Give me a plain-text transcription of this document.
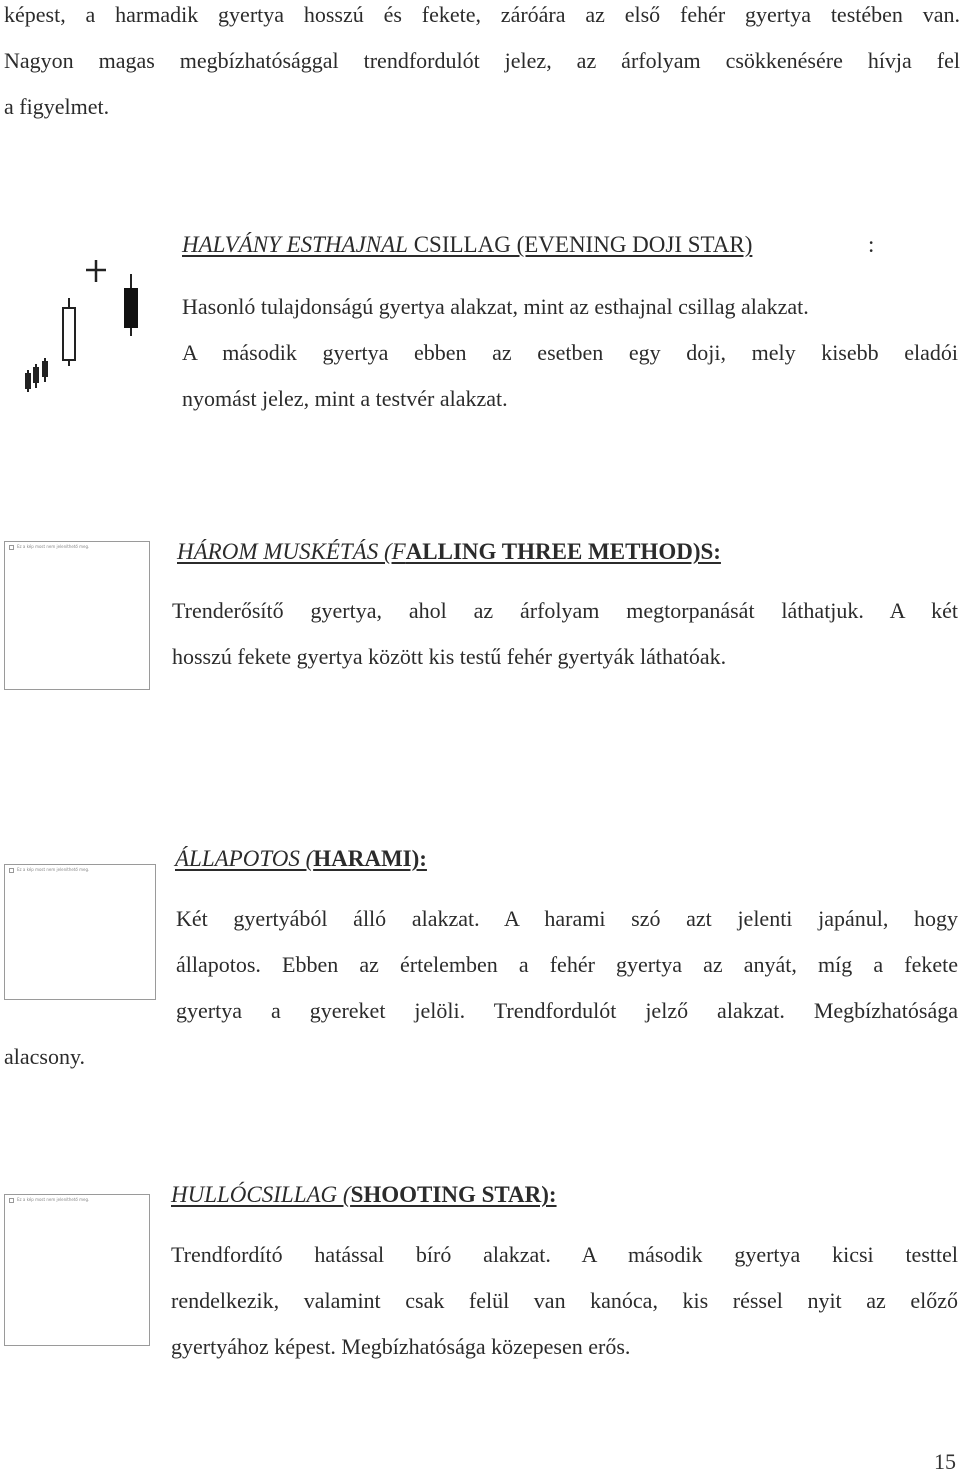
képest, a harmadik gyertya hosszú és fekete, záróára az első fehér gyertya testében van.
Nagyon magas megbízhatósággal trendfordulót jelez, az árfolyam csökkenésére hívja fel
a figyelmet.
HALVÁNY ESTHAJNAL CSILLAG (EVENING DOJI STAR)	:
Hasonló tulajdonságú gyertya alakzat, mint az esthajnal csillag alakzat.
A második gyertya ebben az esetben egy doji, mely kisebb eladói
nyomást jelez, mint a testvér alakzat.
Ez a kép most nem jeleníthető meg.	HÁROM MUSKÉTÁS (FALLING THREE METHOD)S:
Trenderősítő gyertya, ahol az árfolyam megtorpanását láthatjuk. A két
hosszú fekete gyertya között kis testű fehér gyertyák láthatóak.
Ez a kép most nem jeleníthető meg.	ÁLLAPOTOS (HARAMI):
Két gyertyából álló alakzat. A harami szó azt jelenti japánul, hogy
állapotos. Ebben az értelemben a fehér gyertya az anyát, míg a fekete
gyertya a gyereket jelöli. Trendfordulót jelző alakzat. Megbízhatósága
alacsony.
Ez a kép most nem jeleníthető meg.	HULLÓCSILLAG (SHOOTING STAR):
Trendfordító hatással bíró alakzat. A második gyertya kicsi testtel
rendelkezik, valamint csak felül van kanóca, kis réssel nyit az előző
gyertyához képest. Megbízhatósága közepesen erős.
15
